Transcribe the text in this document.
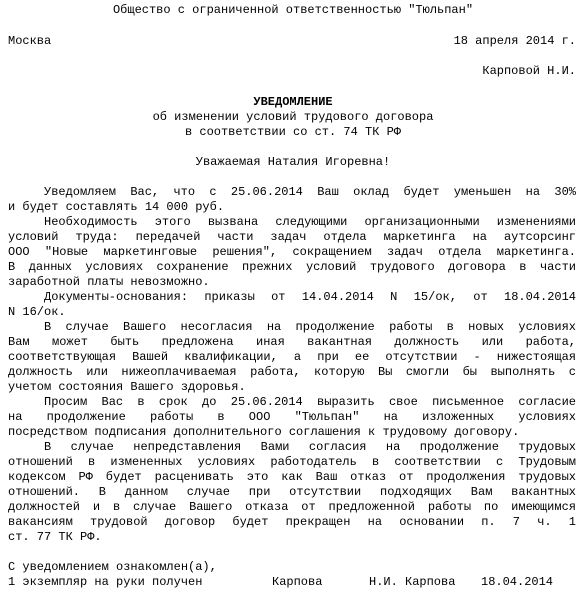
Общество с ограниченной ответственностью "Тюльпан"
Москва	18 апреля 2014 г.
Карповой Н.И.
УВЕДОМЛЕНИЕ
об изменении условий трудового договора
в соответствии со ст. 74 ТК РФ
Уважаемая Наталия Игоревна!
Уведомляем Вас, что с 25.06.2014 Ваш оклад будет уменьшен на 30%
и будет составлять 14 000 руб.
Необходимость этого вызвана следующими организационными изменениями
условий труда: передачей части задач отдела маркетинга на аутсорсинг
ООО "Новые маркетинговые решения", сокращением задач отдела маркетинга.
В данных условиях сохранение прежних условий трудового договора в части
заработной платы невозможно.
Документы-основания: приказы от 14.04.2014 N 15/ок, от 18.04.2014
N 16/ок.
В случае Вашего несогласия на продолжение работы в новых условиях
Вам может быть предложена иная вакантная должность или работа,
соответствующая Вашей квалификации, а при ее отсутствии - нижестоящая
должность или нижеоплачиваемая работа, которую Вы смогли бы выполнять с
учетом состояния Вашего здоровья.
Просим Вас в срок до 25.06.2014 выразить свое письменное согласие
на продолжение работы в ООО "Тюльпан" на изложенных условиях
посредством подписания дополнительного соглашения к трудовому договору.
В случае непредставления Вами согласия на продолжение трудовых
отношений в измененных условиях работодатель в соответствии с Трудовым
кодексом РФ будет расценивать это как Ваш отказ от продолжения трудовых
отношений. В данном случае при отсутствии подходящих Вам вакантных
должностей и в случае Вашего отказа от предложенной работы по имеющимся
вакансиям трудовой договор будет прекращен на основании п. 7 ч. 1
ст. 77 ТК РФ.
С уведомлением ознакомлен(а),
1 экземпляр на руки получен	Карпова	Н.И. Карпова 18.04.2014
